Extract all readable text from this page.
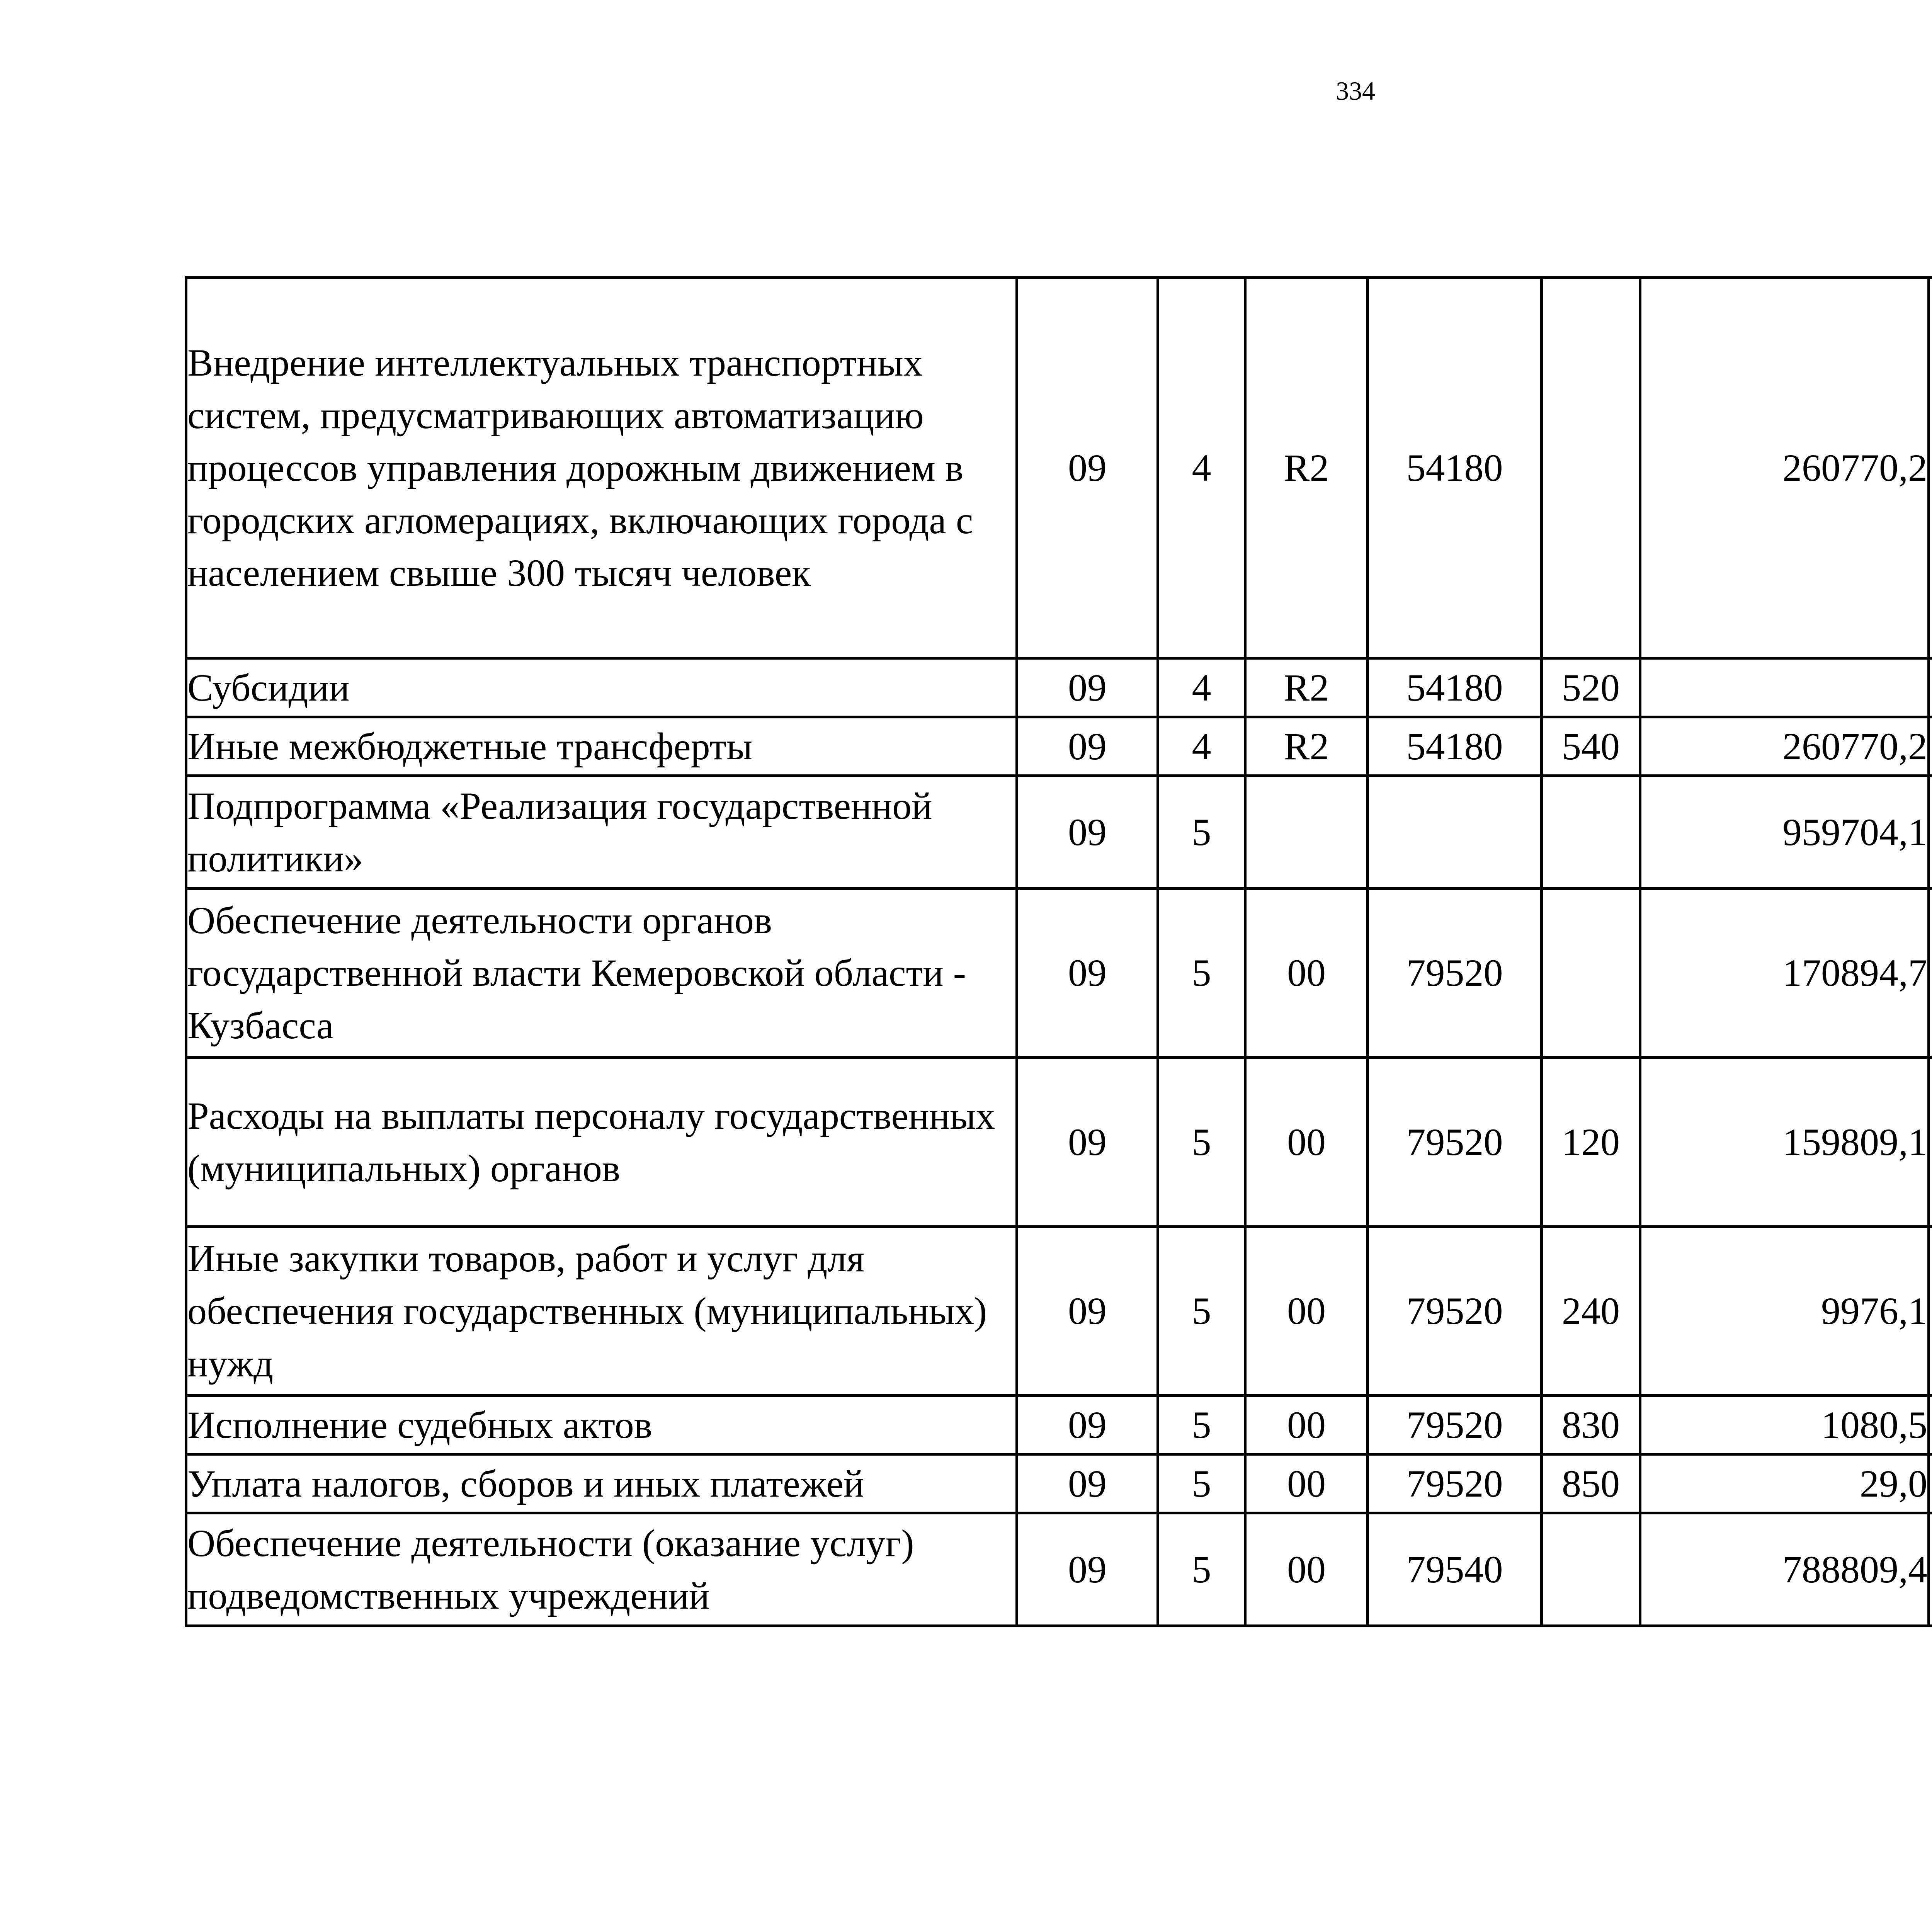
334
Внедрение интеллектуальных транспортных систем, предусматривающих автоматизацию процессов управления дорожным движением в городских агломерациях, включающих города с населением свыше 300 тысяч человек	09	4	R2	54180		260770,2		
Субсидии	09	4	R2	54180	520			
Иные межбюджетные трансферты	09	4	R2	54180	540	260770,2		
Подпрограмма «Реализация государственной политики»	09	5				959704,1		
Обеспечение деятельности органов государственной власти Кемеровской области - Кузбасса	09	5	00	79520		170894,7		
Расходы на выплаты персоналу государственных (муниципальных) органов	09	5	00	79520	120	159809,1		
Иные закупки товаров, работ и услуг для обеспечения государственных (муниципальных) нужд	09	5	00	79520	240	9976,1		
Исполнение судебных актов	09	5	00	79520	830	1080,5		
Уплата налогов, сборов и иных платежей	09	5	00	79520	850	29,0		
Обеспечение деятельности (оказание услуг) подведомственных учреждений	09	5	00	79540		788809,4		
